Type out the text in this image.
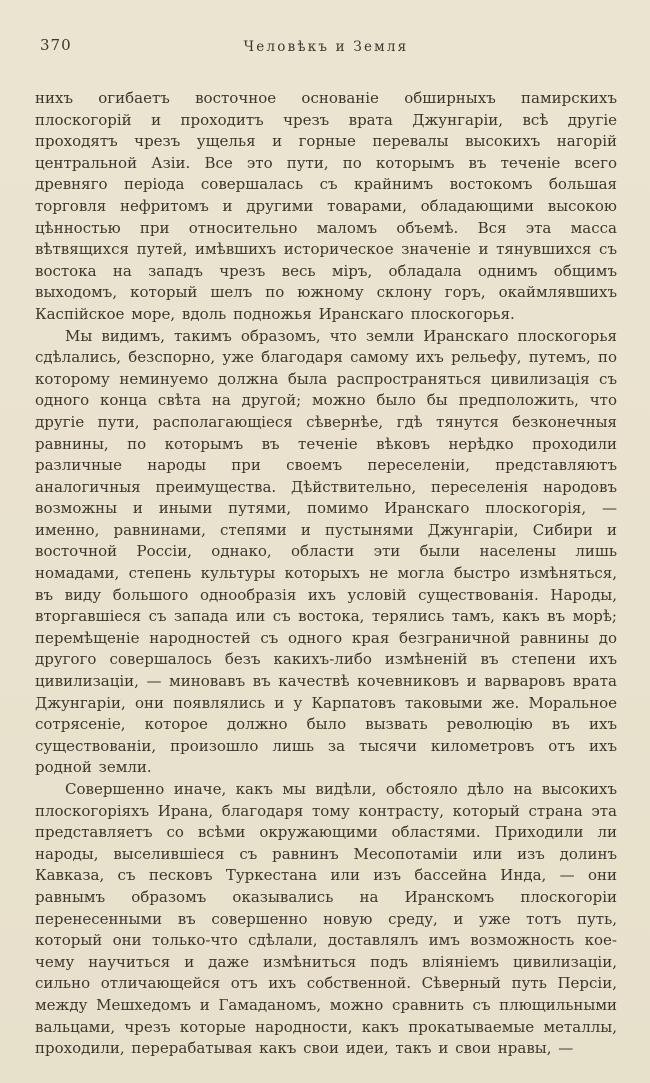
370	Человѣкъ и Земля

нихъ огибаетъ восточное основаніе обширныхъ памирскихъ плоскогорій и проходитъ чрезъ врата Джунгаріи, всѣ другіе проходятъ чрезъ ущелья и горные перевалы высокихъ нагорій центральной Азіи. Все это пути, по которымъ въ теченіе всего древняго періода совершалась съ крайнимъ востокомъ большая торговля нефритомъ и другими товарами, обладающими высокою цѣнностью при относительно маломъ объемѣ. Вся эта масса вѣтвящихся путей, имѣвшихъ историческое значеніе и тянувшихся съ востока на западъ чрезъ весь міръ, обладала однимъ общимъ выходомъ, который шелъ по южному склону горъ, окаймлявшихъ Каспійское море, вдоль подножья Иранскаго плоскогорья.

Мы видимъ, такимъ образомъ, что земли Иранскаго плоскогорья сдѣлались, безспорно, уже благодаря самому ихъ рельефу, путемъ, по которому неминуемо должна была распространяться цивилизація съ одного конца свѣта на другой; можно было бы предположить, что другіе пути, располагающіеся сѣвернѣе, гдѣ тянутся безконечныя равнины, по которымъ въ теченіе вѣковъ нерѣдко проходили различные народы при своемъ переселеніи, представляютъ аналогичныя преимущества. Дѣйствительно, переселенія народовъ возможны и иными путями, помимо Иранскаго плоскогорія, — именно, равнинами, степями и пустынями Джунгаріи, Сибири и восточной Россіи, однако, области эти были населены лишь номадами, степень культуры которыхъ не могла быстро измѣняться, въ виду большого однообразія ихъ условій существованія. Народы, вторгавшіеся съ запада или съ востока, терялись тамъ, какъ въ морѣ; перемѣщеніе народностей съ одного края безграничной равнины до другого совершалось безъ какихъ-либо измѣненій въ степени ихъ цивилизаціи, — миновавъ въ качествѣ кочевниковъ и варваровъ врата Джунгаріи, они появлялись и у Карпатовъ таковыми же. Моральное сотрясеніе, которое должно было вызвать революцію въ ихъ существованіи, произошло лишь за тысячи километровъ отъ ихъ родной земли.

Совершенно иначе, какъ мы видѣли, обстояло дѣло на высокихъ плоскогоріяхъ Ирана, благодаря тому контрасту, который страна эта представляетъ со всѣми окружающими областями. Приходили ли народы, выселившіеся съ равнинъ Месопотаміи или изъ долинъ Кавказа, съ песковъ Туркестана или изъ бассейна Инда, — они равнымъ образомъ оказывались на Иранскомъ плоскогоріи перенесенными въ совершенно новую среду, и уже тотъ путь, который они только-что сдѣлали, доставлялъ имъ возможность кое-чему научиться и даже измѣниться подъ вліяніемъ цивилизаціи, сильно отличающейся отъ ихъ собственной. Сѣверный путь Персіи, между Мешхедомъ и Гамаданомъ, можно сравнить съ плющильными вальцами, чрезъ которые народности, какъ прокатываемые металлы, проходили, перерабатывая какъ свои идеи, такъ и свои нравы, —
